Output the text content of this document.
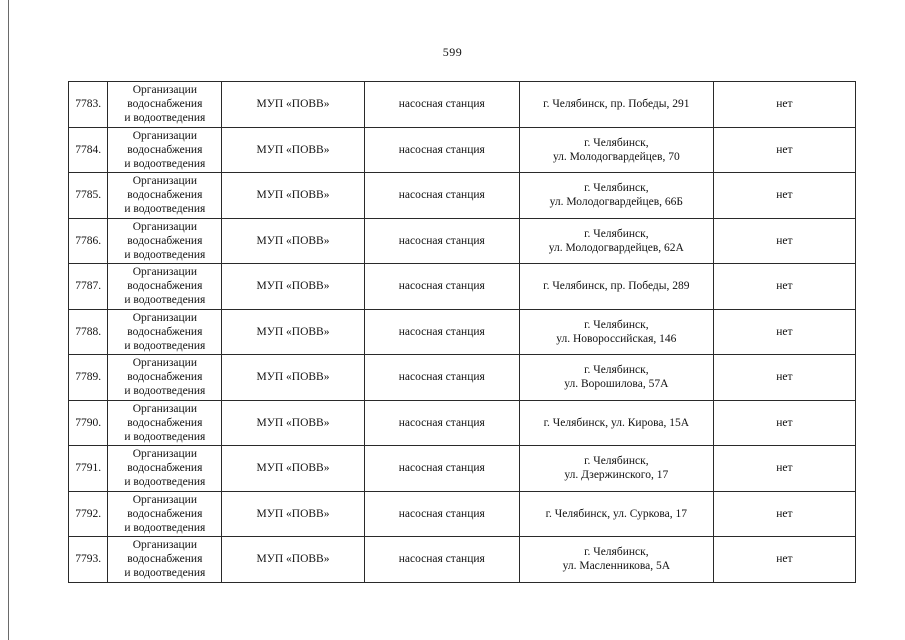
599
7783.	Организации
водоснабжения
и водоотведения	МУП «ПОВВ»	насосная станция	г. Челябинск, пр. Победы, 291	нет
7784.	Организации
водоснабжения
и водоотведения	МУП «ПОВВ»	насосная станция	г. Челябинск,
ул. Молодогвардейцев, 70	нет
7785.	Организации
водоснабжения
и водоотведения	МУП «ПОВВ»	насосная станция	г. Челябинск,
ул. Молодогвардейцев, 66Б	нет
7786.	Организации
водоснабжения
и водоотведения	МУП «ПОВВ»	насосная станция	г. Челябинск,
ул. Молодогвардейцев, 62А	нет
7787.	Организации
водоснабжения
и водоотведения	МУП «ПОВВ»	насосная станция	г. Челябинск, пр. Победы, 289	нет
7788.	Организации
водоснабжения
и водоотведения	МУП «ПОВВ»	насосная станция	г. Челябинск,
ул. Новороссийская, 146	нет
7789.	Организации
водоснабжения
и водоотведения	МУП «ПОВВ»	насосная станция	г. Челябинск,
ул. Ворошилова, 57А	нет
7790.	Организации
водоснабжения
и водоотведения	МУП «ПОВВ»	насосная станция	г. Челябинск, ул. Кирова, 15А	нет
7791.	Организации
водоснабжения
и водоотведения	МУП «ПОВВ»	насосная станция	г. Челябинск,
ул. Дзержинского, 17	нет
7792.	Организации
водоснабжения
и водоотведения	МУП «ПОВВ»	насосная станция	г. Челябинск, ул. Суркова, 17	нет
7793.	Организации
водоснабжения
и водоотведения	МУП «ПОВВ»	насосная станция	г. Челябинск,
ул. Масленникова, 5А	нет
